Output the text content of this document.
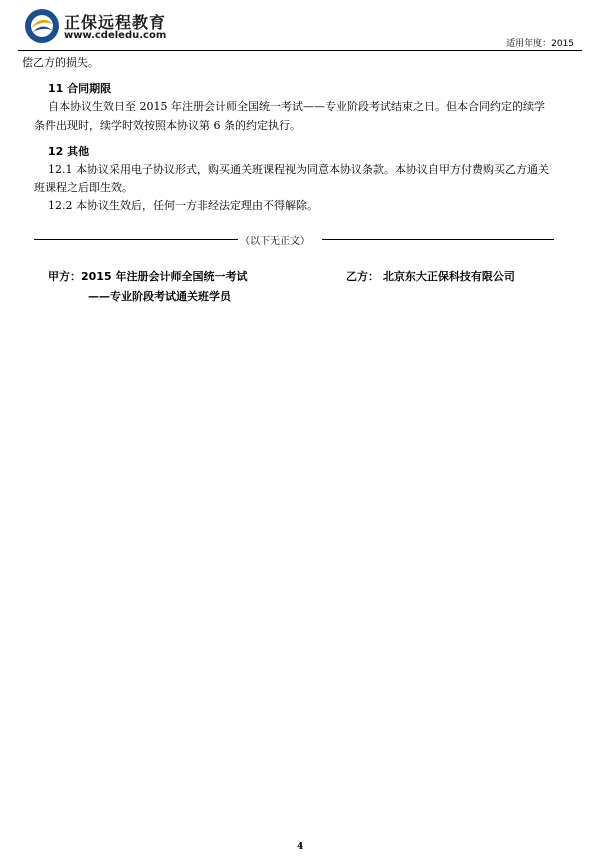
正保远程教育
www.cdeledu.com
适用年度：2015
偿乙方的损失。
11 合同期限
自本协议生效日至 2015 年注册会计师全国统一考试——专业阶段考试结束之日。但本合同约定的续学
条件出现时，续学时效按照本协议第 6 条的约定执行。
12 其他
12.1 本协议采用电子协议形式，购买通关班课程视为同意本协议条款。本协议自甲方付费购买乙方通关
班课程之后即生效。
12.2 本协议生效后，任何一方非经法定理由不得解除。
（以下无正文）
甲方：2015 年注册会计师全国统一考试
——专业阶段考试通关班学员
乙方： 北京东大正保科技有限公司
4
